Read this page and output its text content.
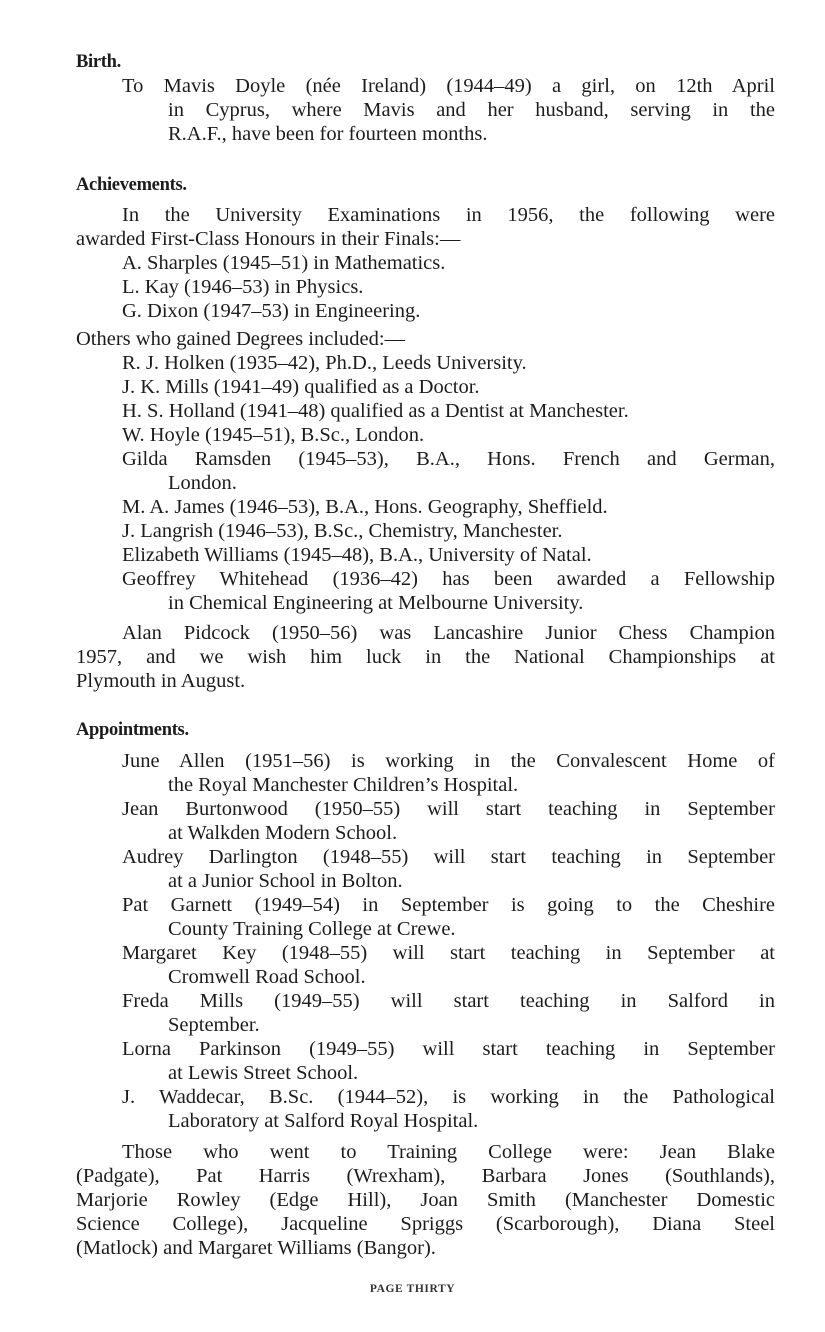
Birth.
To Mavis Doyle (née Ireland) (1944–49) a girl, on 12th April
in Cyprus, where Mavis and her husband, serving in the
R.A.F., have been for fourteen months.
Achievements.
In the University Examinations in 1956, the following were
awarded First-Class Honours in their Finals:—
A. Sharples (1945–51) in Mathematics.
L. Kay (1946–53) in Physics.
G. Dixon (1947–53) in Engineering.
Others who gained Degrees included:—
R. J. Holken (1935–42), Ph.D., Leeds University.
J. K. Mills (1941–49) qualified as a Doctor.
H. S. Holland (1941–48) qualified as a Dentist at Manchester.
W. Hoyle (1945–51), B.Sc., London.
Gilda Ramsden (1945–53), B.A., Hons. French and German,
London.
M. A. James (1946–53), B.A., Hons. Geography, Sheffield.
J. Langrish (1946–53), B.Sc., Chemistry, Manchester.
Elizabeth Williams (1945–48), B.A., University of Natal.
Geoffrey Whitehead (1936–42) has been awarded a Fellowship
in Chemical Engineering at Melbourne University.
Alan Pidcock (1950–56) was Lancashire Junior Chess Champion
1957, and we wish him luck in the National Championships at
Plymouth in August.
Appointments.
June Allen (1951–56) is working in the Convalescent Home of
the Royal Manchester Children’s Hospital.
Jean Burtonwood (1950–55) will start teaching in September
at Walkden Modern School.
Audrey Darlington (1948–55) will start teaching in September
at a Junior School in Bolton.
Pat Garnett (1949–54) in September is going to the Cheshire
County Training College at Crewe.
Margaret Key (1948–55) will start teaching in September at
Cromwell Road School.
Freda Mills (1949–55) will start teaching in Salford in
September.
Lorna Parkinson (1949–55) will start teaching in September
at Lewis Street School.
J. Waddecar, B.Sc. (1944–52), is working in the Pathological
Laboratory at Salford Royal Hospital.
Those who went to Training College were: Jean Blake
(Padgate), Pat Harris (Wrexham), Barbara Jones (Southlands),
Marjorie Rowley (Edge Hill), Joan Smith (Manchester Domestic
Science College), Jacqueline Spriggs (Scarborough), Diana Steel
(Matlock) and Margaret Williams (Bangor).
PAGE THIRTY
